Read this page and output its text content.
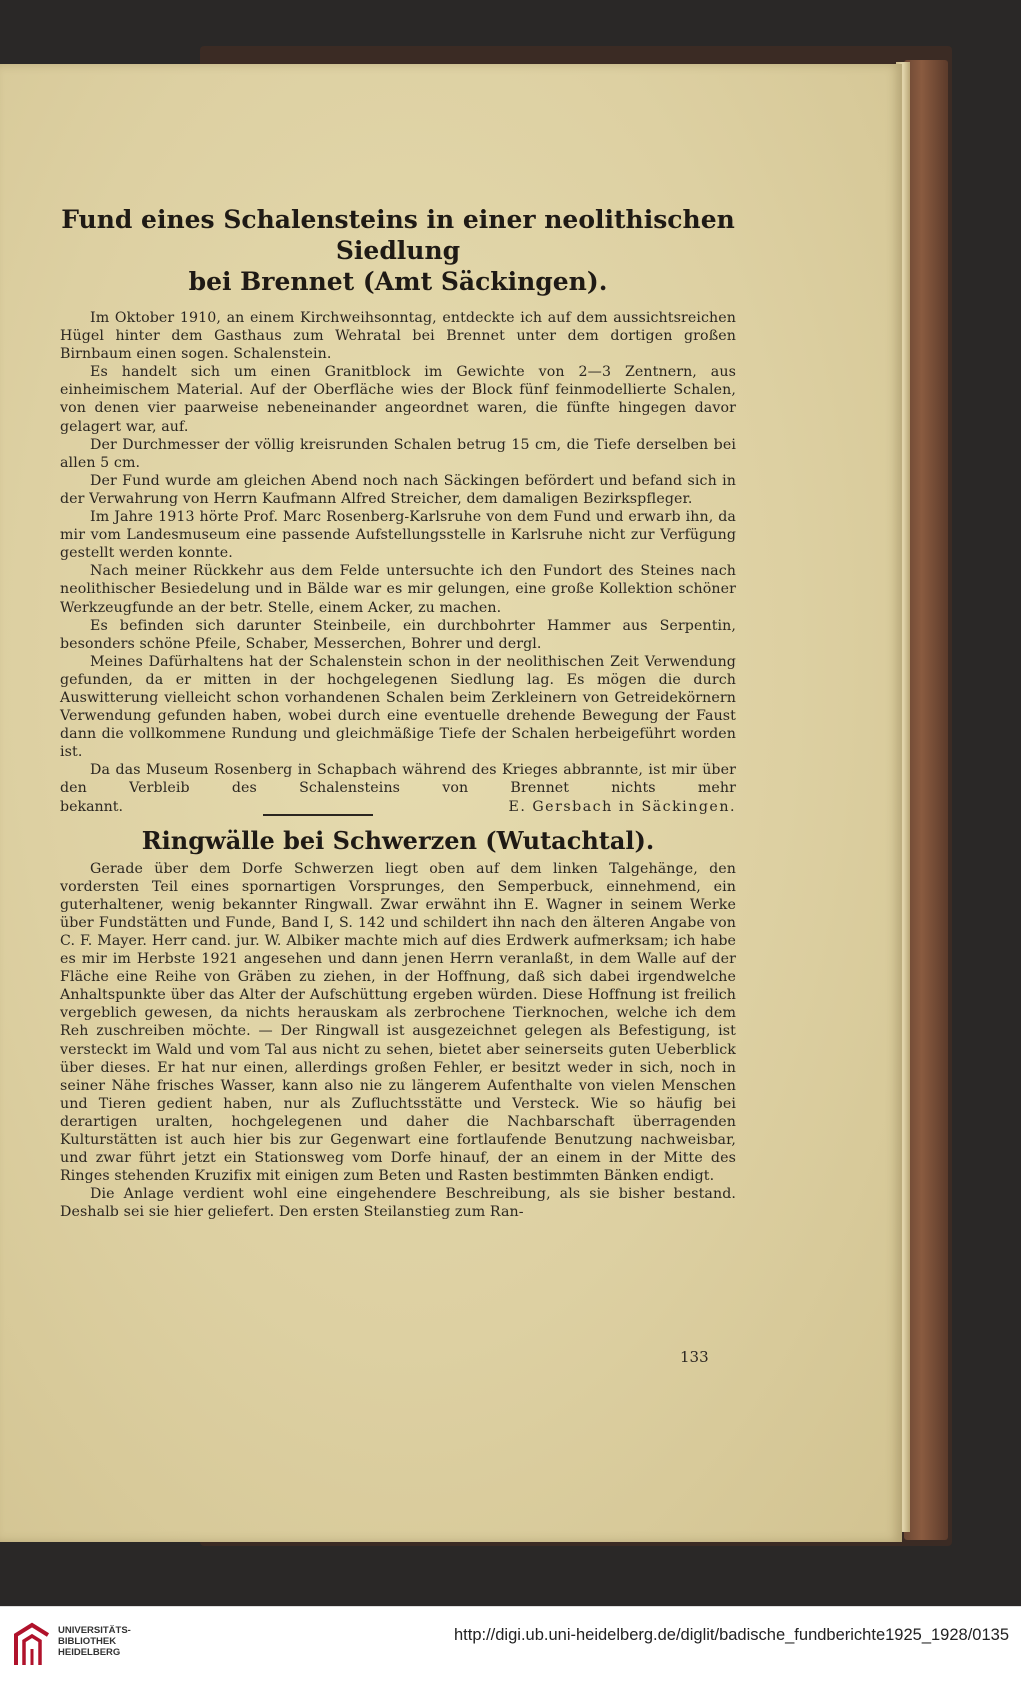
Fund eines Schalensteins in einer neolithischen Siedlung
bei Brennet (Amt Säckingen).

Im Oktober 1910, an einem Kirchweihsonntag, entdeckte ich auf dem aussichtsreichen Hügel hinter dem Gasthaus zum Wehratal bei Brennet unter dem dortigen großen Birnbaum einen sogen. Schalenstein.

Es handelt sich um einen Granitblock im Gewichte von 2—3 Zentnern, aus einheimischem Material. Auf der Oberfläche wies der Block fünf feinmodellierte Schalen, von denen vier paarweise nebeneinander angeordnet waren, die fünfte hingegen davor gelagert war, auf.

Der Durchmesser der völlig kreisrunden Schalen betrug 15 cm, die Tiefe derselben bei allen 5 cm.

Der Fund wurde am gleichen Abend noch nach Säckingen befördert und befand sich in der Verwahrung von Herrn Kaufmann Alfred Streicher, dem damaligen Bezirkspfleger.

Im Jahre 1913 hörte Prof. Marc Rosenberg-Karlsruhe von dem Fund und erwarb ihn, da mir vom Landesmuseum eine passende Aufstellungsstelle in Karlsruhe nicht zur Verfügung gestellt werden konnte.

Nach meiner Rückkehr aus dem Felde untersuchte ich den Fundort des Steines nach neolithischer Besiedelung und in Bälde war es mir gelungen, eine große Kollektion schöner Werkzeugfunde an der betr. Stelle, einem Acker, zu machen.

Es befinden sich darunter Steinbeile, ein durchbohrter Hammer aus Serpentin, besonders schöne Pfeile, Schaber, Messerchen, Bohrer und dergl.

Meines Dafürhaltens hat der Schalenstein schon in der neolithischen Zeit Verwendung gefunden, da er mitten in der hochgelegenen Siedlung lag. Es mögen die durch Auswitterung vielleicht schon vorhandenen Schalen beim Zerkleinern von Getreidekörnern Verwendung gefunden haben, wobei durch eine eventuelle drehende Bewegung der Faust dann die vollkommene Rundung und gleichmäßige Tiefe der Schalen herbeigeführt worden ist.

Da das Museum Rosenberg in Schapbach während des Krieges abbrannte, ist mir über den Verbleib des Schalensteins von Brennet nichts mehr

bekannt.	E. Gersbach in Säckingen.
Ringwälle bei Schwerzen (Wutachtal).

Gerade über dem Dorfe Schwerzen liegt oben auf dem linken Talgehänge, den vordersten Teil eines spornartigen Vorsprunges, den Semperbuck, einnehmend, ein guterhaltener, wenig bekannter Ringwall. Zwar erwähnt ihn E. Wagner in seinem Werke über Fundstätten und Funde, Band I, S. 142 und schildert ihn nach den älteren Angabe von C. F. Mayer. Herr cand. jur. W. Albiker machte mich auf dies Erdwerk aufmerksam; ich habe es mir im Herbste 1921 angesehen und dann jenen Herrn veranlaßt, in dem Walle auf der Fläche eine Reihe von Gräben zu ziehen, in der Hoffnung, daß sich dabei irgendwelche Anhaltspunkte über das Alter der Aufschüttung ergeben würden. Diese Hoffnung ist freilich vergeblich gewesen, da nichts herauskam als zerbrochene Tierknochen, welche ich dem Reh zuschreiben möchte. — Der Ringwall ist ausgezeichnet gelegen als Befestigung, ist versteckt im Wald und vom Tal aus nicht zu sehen, bietet aber seinerseits guten Ueberblick über dieses. Er hat nur einen, allerdings großen Fehler, er besitzt weder in sich, noch in seiner Nähe frisches Wasser, kann also nie zu längerem Aufenthalte von vielen Menschen und Tieren gedient haben, nur als Zufluchtsstätte und Versteck. Wie so häufig bei derartigen uralten, hochgelegenen und daher die Nachbarschaft überragenden Kulturstätten ist auch hier bis zur Gegenwart eine fortlaufende Benutzung nachweisbar, und zwar führt jetzt ein Stationsweg vom Dorfe hinauf, der an einem in der Mitte des Ringes stehenden Kruzifix mit einigen zum Beten und Rasten bestimmten Bänken endigt.

Die Anlage verdient wohl eine eingehendere Beschreibung, als sie bisher bestand. Deshalb sei sie hier geliefert. Den ersten Steilanstieg zum Ran-

133
UNIVERSITÄTS-
BIBLIOTHEK
HEIDELBERG
http://digi.ub.uni-heidelberg.de/diglit/badische_fundberichte1925_1928/0135
